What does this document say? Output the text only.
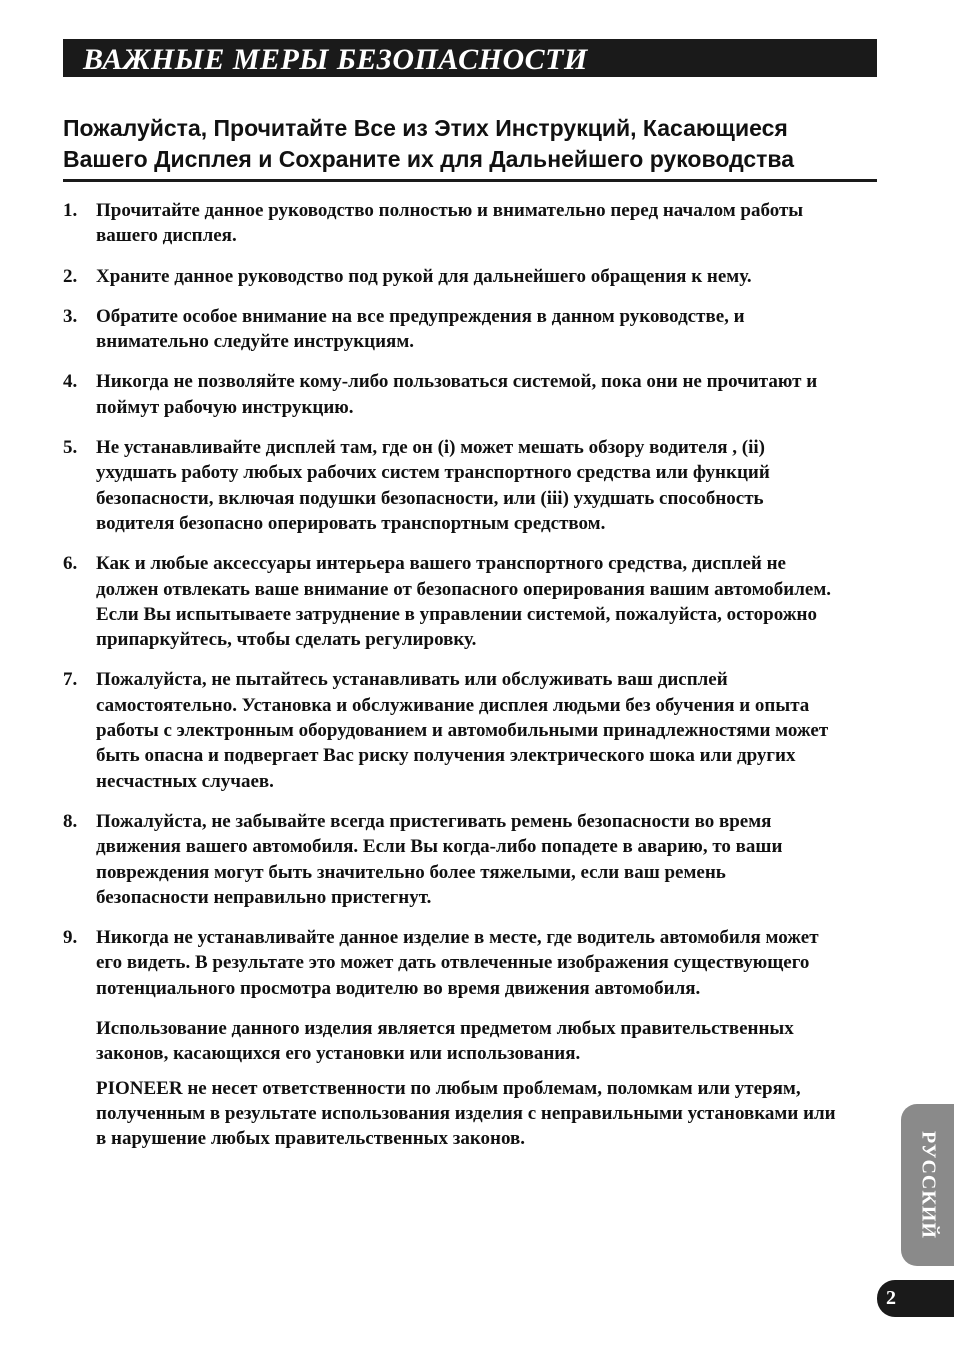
ВАЖНЫЕ МЕРЫ БЕЗОПАСНОСТИ
Пожалуйста, Прочитайте Все из Этих Инструкций, Касающиеся Вашего Дисплея и Сохраните их для Дальнейшего руководства
1. Прочитайте данное руководство полностью и внимательно перед началом работы вашего дисплея.
2. Храните данное руководство под рукой для дальнейшего обращения к нему.
3. Обратите особое внимание на все предупреждения в данном руководстве, и внимательно следуйте инструкциям.
4. Никогда не позволяйте кому-либо пользоваться системой, пока они не прочитают и поймут рабочую инструкцию.
5. Не устанавливайте дисплей там, где он (i) может мешать обзору водителя , (ii) ухудшать работу любых рабочих систем транспортного средства или функций безопасности, включая подушки безопасности, или (iii) ухудшать способность водителя безопасно оперировать транспортным средством.
6. Как и любые аксессуары интерьера вашего транспортного средства, дисплей не должен отвлекать ваше внимание от безопасного оперирования вашим автомобилем. Если Вы испытываете затруднение в управлении системой, пожалуйста, осторожно припаркуйтесь, чтобы сделать регулировку.
7. Пожалуйста, не пытайтесь устанавливать или обслуживать ваш дисплей самостоятельно. Установка и обслуживание дисплея людьми без обучения и опыта работы с электронным оборудованием и автомобильными принадлежностями может быть опасна и подвергает Вас риску получения электрического шока или других несчастных случаев.
8. Пожалуйста, не забывайте всегда пристегивать ремень безопасности во время движения вашего автомобиля. Если Вы когда-либо попадете в аварию, то ваши повреждения могут быть значительно более тяжелыми, если ваш ремень безопасности неправильно пристегнут.
9. Никогда не устанавливайте данное изделие в месте, где водитель автомобиля может его видеть. В результате это может дать отвлеченные изображения существующего потенциального просмотра водителю во время движения автомобиля.
Использование данного изделия является предметом любых правительственных законов, касающихся его установки или использования.
PIONEER не несет ответственности по любым проблемам, поломкам или утерям, полученным в результате использования изделия с неправильными установками или в нарушение любых правительственных законов.	РУССКИЙ
2
